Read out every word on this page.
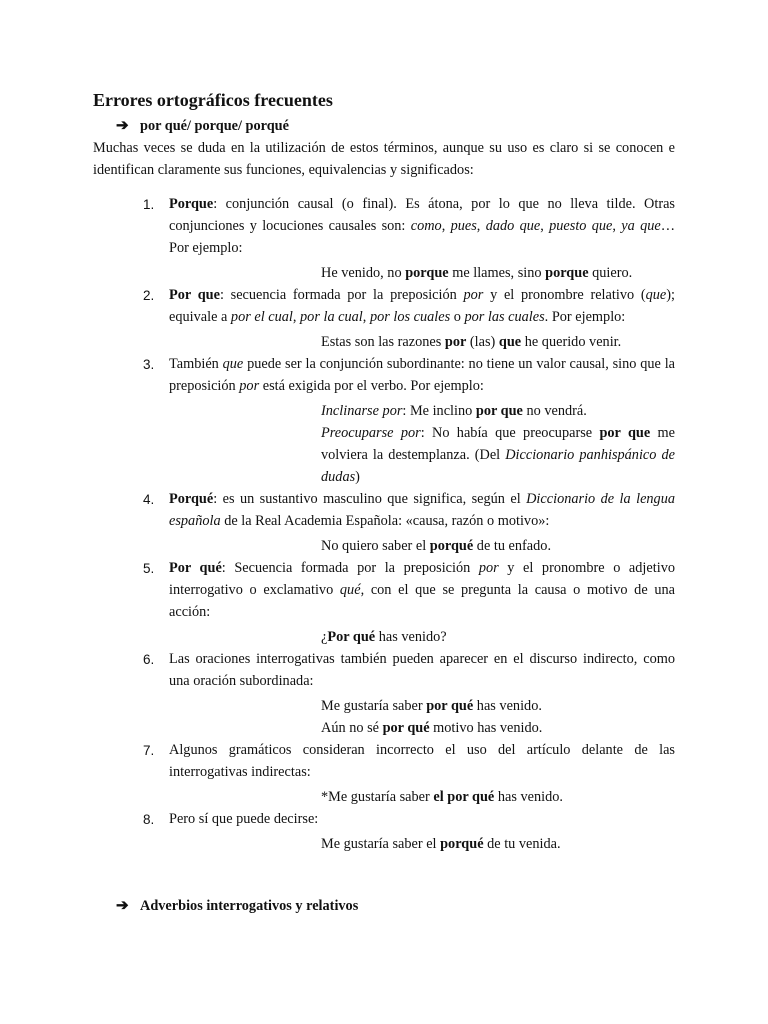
Errores ortográficos frecuentes
➔ por qué/ porque/ porqué

Muchas veces se duda en la utilización de estos términos, aunque su uso es claro si se conocen e identifican claramente sus funciones, equivalencias y significados:

1. Porque: conjunción causal (o final). Es átona, por lo que no lleva tilde. Otras conjunciones y locuciones causales son: como, pues, dado que, puesto que, ya que… Por ejemplo:
He venido, no porque me llames, sino porque quiero.
2. Por que: secuencia formada por la preposición por y el pronombre relativo (que); equivale a por el cual, por la cual, por los cuales o por las cuales. Por ejemplo:
Estas son las razones por (las) que he querido venir.
3. También que puede ser la conjunción subordinante: no tiene un valor causal, sino que la preposición por está exigida por el verbo. Por ejemplo:
Inclinarse por: Me inclino por que no vendrá.
Preocuparse por: No había que preocuparse por que me volviera la destemplanza. (Del Diccionario panhispánico de dudas)
4. Porqué: es un sustantivo masculino que significa, según el Diccionario de la lengua española de la Real Academia Española: «causa, razón o motivo»:
No quiero saber el porqué de tu enfado.
5. Por qué: Secuencia formada por la preposición por y el pronombre o adjetivo interrogativo o exclamativo qué, con el que se pregunta la causa o motivo de una acción:
¿Por qué has venido?
6. Las oraciones interrogativas también pueden aparecer en el discurso indirecto, como una oración subordinada:
Me gustaría saber por qué has venido.
Aún no sé por qué motivo has venido.
7. Algunos gramáticos consideran incorrecto el uso del artículo delante de las interrogativas indirectas:
*Me gustaría saber el por qué has venido.
8. Pero sí que puede decirse:
Me gustaría saber el porqué de tu venida.
➔ Adverbios interrogativos y relativos
